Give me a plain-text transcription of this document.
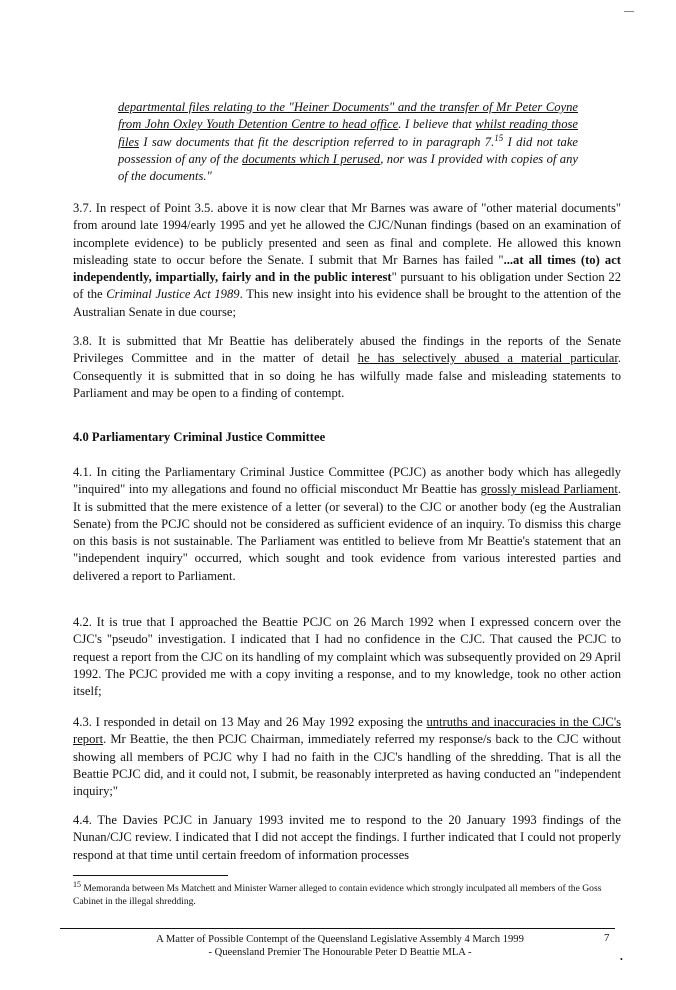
—
departmental files relating to the "Heiner Documents" and the transfer of Mr Peter Coyne from John Oxley Youth Detention Centre to head office. I believe that whilst reading those files I saw documents that fit the description referred to in paragraph 7.15 I did not take possession of any of the documents which I perused, nor was I provided with copies of any of the documents."
3.7. In respect of Point 3.5. above it is now clear that Mr Barnes was aware of "other material documents" from around late 1994/early 1995 and yet he allowed the CJC/Nunan findings (based on an examination of incomplete evidence) to be publicly presented and seen as final and complete. He allowed this known misleading state to occur before the Senate. I submit that Mr Barnes has failed "...at all times (to) act independently, impartially, fairly and in the public interest" pursuant to his obligation under Section 22 of the Criminal Justice Act 1989. This new insight into his evidence shall be brought to the attention of the Australian Senate in due course;
3.8. It is submitted that Mr Beattie has deliberately abused the findings in the reports of the Senate Privileges Committee and in the matter of detail he has selectively abused a material particular. Consequently it is submitted that in so doing he has wilfully made false and misleading statements to Parliament and may be open to a finding of contempt.
4.0 Parliamentary Criminal Justice Committee
4.1. In citing the Parliamentary Criminal Justice Committee (PCJC) as another body which has allegedly "inquired" into my allegations and found no official misconduct Mr Beattie has grossly mislead Parliament. It is submitted that the mere existence of a letter (or several) to the CJC or another body (eg the Australian Senate) from the PCJC should not be considered as sufficient evidence of an inquiry. To dismiss this charge on this basis is not sustainable. The Parliament was entitled to believe from Mr Beattie's statement that an "independent inquiry" occurred, which sought and took evidence from various interested parties and delivered a report to Parliament.
4.2. It is true that I approached the Beattie PCJC on 26 March 1992 when I expressed concern over the CJC's "pseudo" investigation. I indicated that I had no confidence in the CJC. That caused the PCJC to request a report from the CJC on its handling of my complaint which was subsequently provided on 29 April 1992. The PCJC provided me with a copy inviting a response, and to my knowledge, took no other action itself;
4.3. I responded in detail on 13 May and 26 May 1992 exposing the untruths and inaccuracies in the CJC's report. Mr Beattie, the then PCJC Chairman, immediately referred my response/s back to the CJC without showing all members of PCJC why I had no faith in the CJC's handling of the shredding. That is all the Beattie PCJC did, and it could not, I submit, be reasonably interpreted as having conducted an "independent inquiry;"
4.4. The Davies PCJC in January 1993 invited me to respond to the 20 January 1993 findings of the Nunan/CJC review. I indicated that I did not accept the findings. I further indicated that I could not properly respond at that time until certain freedom of information processes
$^{15}$ Memoranda between Ms Matchett and Minister Warner alleged to contain evidence which strongly inculpated all members of the Goss Cabinet in the illegal shredding.
A Matter of Possible Contempt of the Queensland Legislative Assembly 4 March 1999
- Queensland Premier The Honourable Peter D Beattie MLA -
7
•
